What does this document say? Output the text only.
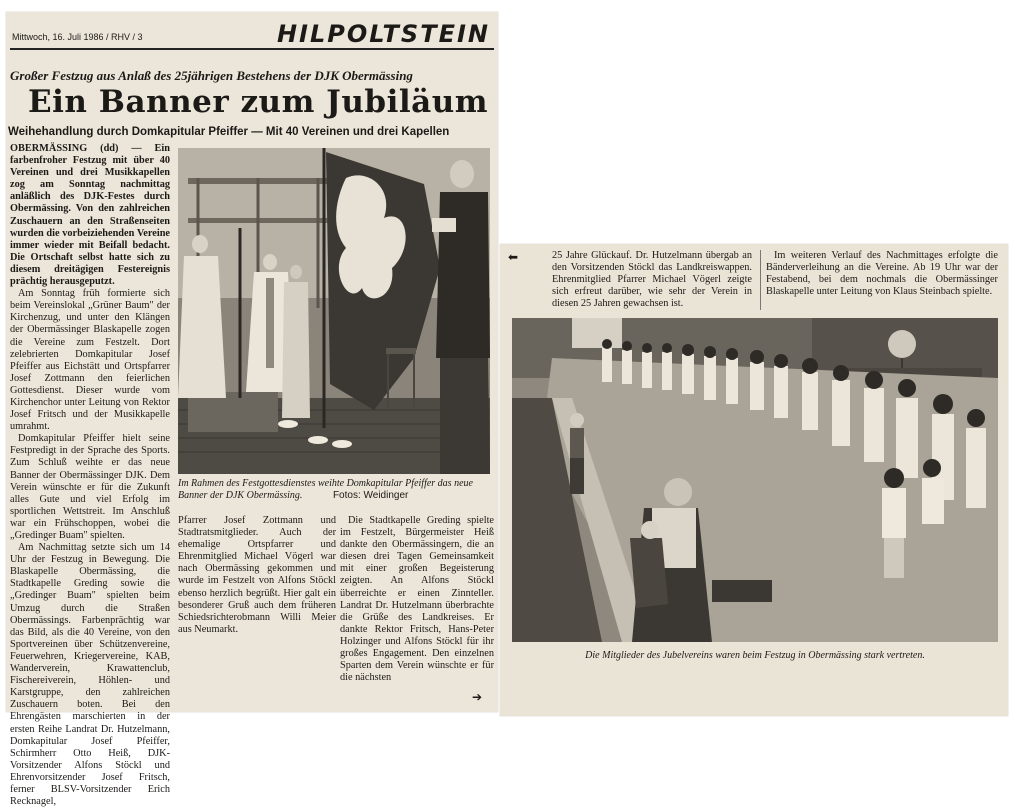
Mittwoch, 16. Juli 1986 / RHV / 3	HILPOLTSTEIN
Großer Festzug aus Anlaß des 25jährigen Bestehens der DJK Obermässing
Ein Banner zum Jubiläum
Weihehandlung durch Domkapitular Pfeiffer — Mit 40 Vereinen und drei Kapellen

OBERMÄSSING (dd) — Ein farbenfroher Festzug mit über 40 Vereinen und drei Musikkapellen zog am Sonntag nachmittag anläßlich des DJK-Festes durch Obermässing. Von den zahlreichen Zuschauern an den Straßenseiten wurden die vorbeiziehenden Vereine immer wieder mit Beifall bedacht. Die Ortschaft selbst hatte sich zu diesem dreitägigen Festereignis prächtig herausgeputzt.

Am Sonntag früh formierte sich beim Vereinslokal „Grüner Baum" der Kirchenzug, und unter den Klängen der Obermässinger Blaskapelle zogen die Vereine zum Festzelt. Dort zelebrierten Domkapitular Josef Pfeiffer aus Eichstätt und Ortspfarrer Josef Zottmann den feierlichen Gottesdienst. Dieser wurde vom Kirchenchor unter Leitung von Rektor Josef Fritsch und der Musikkapelle umrahmt.

Domkapitular Pfeiffer hielt seine Festpredigt in der Sprache des Sports. Zum Schluß weihte er das neue Banner der Obermässinger DJK. Dem Verein wünschte er für die Zukunft alles Gute und viel Erfolg im sportlichen Wettstreit. Im Anschluß war ein Frühschoppen, wobei die „Gredinger Buam" spielten.

Am Nachmittag setzte sich um 14 Uhr der Festzug in Bewegung. Die Blaskapelle Obermässing, die Stadtkapelle Greding sowie die „Gredinger Buam" spielten beim Umzug durch die Straßen Obermässings. Farbenprächtig war das Bild, als die 40 Vereine, von den Sportvereinen über Schützenvereine, Feuerwehren, Kriegervereine, KAB, Wanderverein, Krawattenclub, Fischereiverein, Höhlen- und Karstgruppe, den zahlreichen Zuschauern boten. Bei den Ehrengästen marschierten in der ersten Reihe Landrat Dr. Hutzelmann, Domkapitular Josef Pfeiffer, Schirmherr Otto Heiß, DJK-Vorsitzender Alfons Stöckl und Ehrenvorsitzender Josef Fritsch, ferner BLSV-Vorsitzender Erich Recknagel,

Im Rahmen des Festgottesdienstes weihte Domkapitular Pfeiffer das neue Banner der DJK Obermässing.	Fotos: Weidinger

Pfarrer Josef Zottmann und Stadtratsmitglieder. Auch der ehemalige Ortspfarrer und Ehrenmitglied Michael Vögerl war nach Obermässing gekommen und wurde im Festzelt von Alfons Stöckl ebenso herzlich begrüßt. Hier galt ein besonderer Gruß auch dem früheren Schiedsrichterobmann Willi Meier aus Neumarkt.

Die Stadtkapelle Greding spielte im Festzelt, Bürgermeister Heiß dankte den Obermässingern, die an diesen drei Tagen Gemeinsamkeit mit einer großen Begeisterung zeigten. An Alfons Stöckl überreichte er einen Zinnteller. Landrat Dr. Hutzelmann überbrachte die Grüße des Landkreises. Er dankte Rektor Fritsch, Hans-Peter Holzinger und Alfons Stöckl für ihr großes Engagement. Den einzelnen Sparten dem Verein wünschte er für die nächsten

➔
⬅	25 Jahre Glückauf. Dr. Hutzelmann übergab an den Vorsitzenden Stöckl das Landkreiswappen. Ehrenmitglied Pfarrer Michael Vögerl zeigte sich erfreut darüber, wie sehr der Verein in diesen 25 Jahren gewachsen ist.

Im weiteren Verlauf des Nachmittages erfolgte die Bänderverleihung an die Vereine. Ab 19 Uhr war der Festabend, bei dem nochmals die Obermässinger Blaskapelle unter Leitung von Klaus Steinbach spielte.

Die Mitglieder des Jubelvereins waren beim Festzug in Obermässing stark vertreten.
